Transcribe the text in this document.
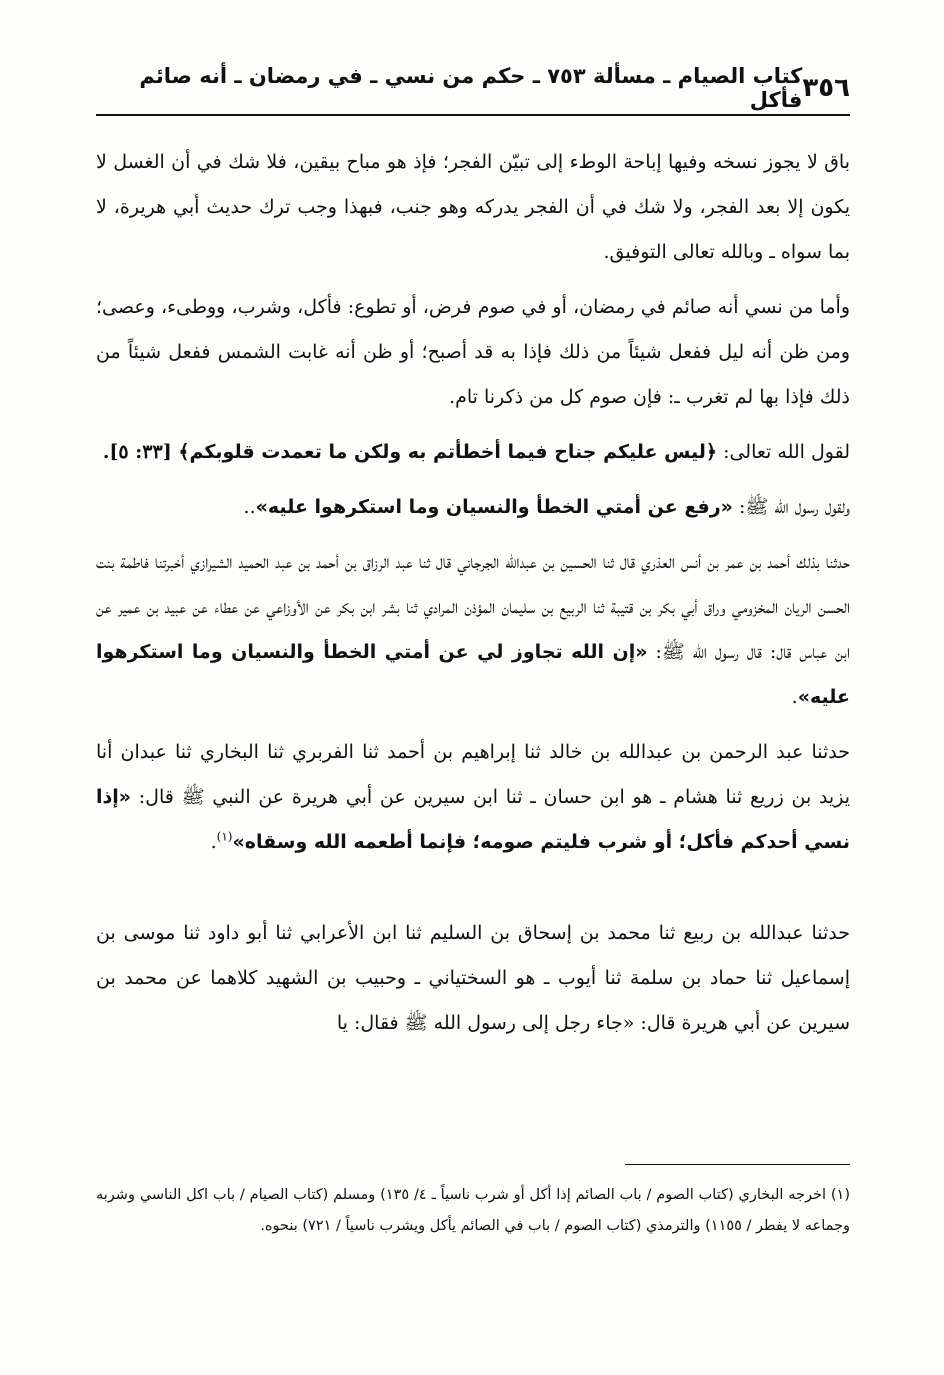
٣٥٦
كتاب الصيام ـ مسألة ٧٥٣ ـ حكم من نسي ـ في رمضان ـ أنه صائم فأكل

باق لا يجوز نسخه وفيها إباحة الوطء إلى تبيّن الفجر؛ فإذ هو مباح بيقين، فلا شك في أن الغسل لا يكون إلا بعد الفجر، ولا شك في أن الفجر يدركه وهو جنب، فبهذا وجب ترك حديث أبي هريرة، لا بما سواه ـ وبالله تعالى التوفيق.

وأما من نسي أنه صائم في رمضان، أو في صوم فرض، أو تطوع: فأكل، وشرب، ووطىء، وعصى؛ ومن ظن أنه ليل ففعل شيئاً من ذلك فإذا به قد أصبح؛ أو ظن أنه غابت الشمس ففعل شيئاً من ذلك فإذا بها لم تغرب ـ: فإن صوم كل من ذكرنا تام.

لقول الله تعالى: ﴿ليس عليكم جناح فيما أخطأتم به ولكن ما تعمدت قلوبكم﴾ [٣٣: ٥].

ولقول رسول الله ﷺ: «رفع عن أمتي الخطأ والنسيان وما استكرهوا عليه»..

حدثنا بذلك أحمد بن عمر بن أنس العذري قال ثنا الحسين بن عبدالله الجرجاني قال ثنا عبد الرزاق بن أحمد بن عبد الحميد الشيرازي أخبرتنا فاطمة بنت الحسن الريان المخزومي وراق أبي بكر بن قتيبة ثنا الربيع بن سليمان المؤذن المرادي ثنا بشر ابن بكر عن الأوزاعي عن عطاء عن عبيد بن عمير عن ابن عباس قال: قال رسول الله ﷺ: «إن الله تجاوز لي عن أمتي الخطأ والنسيان وما استكرهوا عليه».

حدثنا عبد الرحمن بن عبدالله بن خالد ثنا إبراهيم بن أحمد ثنا الفربري ثنا البخاري ثنا عبدان أنا يزيد بن زريع ثنا هشام ـ هو ابن حسان ـ ثنا ابن سيرين عن أبي هريرة عن النبي ﷺ قال: «إذا نسي أحدكم فأكل؛ أو شرب فليتم صومه؛ فإنما أطعمه الله وسقاه»$^{(١)}$.

حدثنا عبدالله بن ربيع ثنا محمد بن إسحاق بن السليم ثنا ابن الأعرابي ثنا أبو داود ثنا موسى بن إسماعيل ثنا حماد بن سلمة ثنا أيوب ـ هو السختياني ـ وحبيب بن الشهيد كلاهما عن محمد بن سيرين عن أبي هريرة قال: «جاء رجل إلى رسول الله ﷺ فقال: يا

(١) اخرجه البخاري (كتاب الصوم / باب الصائم إذا أكل أو شرب ناسياً ـ ٤/ ١٣٥) ومسلم (كتاب الصيام / باب اكل الناسي وشربه وجماعه لا يفطر / ١١٥٥) والترمذي (كتاب الصوم / باب في الصائم يأكل ويشرب ناسياً / ٧٢١) بنحوه.
